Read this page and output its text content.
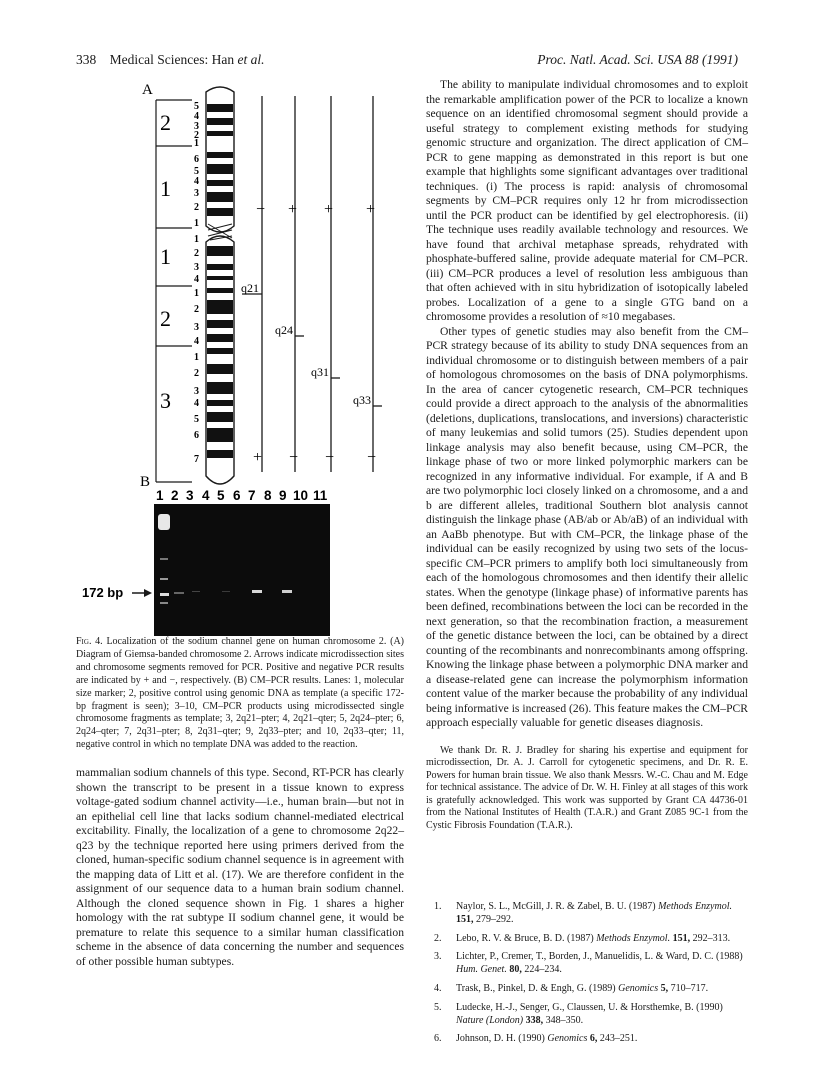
338 Medical Sciences: Han et al.	Proc. Natl. Acad. Sci. USA 88 (1991)
A
2
1
1
2
3
5
4
3
2
1
6
5
4
3
2
1
1
2
3
4
1
2
3
4
1
2
3
4
5
6
7
q21
q24
q31
q33
− + + +
+ − − −
B
1 2 3 4 5 6 7 8 9 10 11
172 bp
Fig. 4. Localization of the sodium channel gene on human chromosome 2. (A) Diagram of Giemsa-banded chromosome 2. Arrows indicate microdissection sites and chromosome segments removed for PCR. Positive and negative PCR results are indicated by + and −, respectively. (B) CM–PCR results. Lanes: 1, molecular size marker; 2, positive control using genomic DNA as template (a specific 172-bp fragment is seen); 3–10, CM–PCR products using microdissected single chromosome fragments as template; 3, 2q21–pter; 4, 2q21–qter; 5, 2q24–pter; 6, 2q24–qter; 7, 2q31–pter; 8, 2q31–qter; 9, 2q33–pter; and 10, 2q33–qter; 11, negative control in which no template DNA was added to the reaction.

mammalian sodium channels of this type. Second, RT-PCR has clearly shown the transcript to be present in a tissue known to express voltage-gated sodium channel activity—i.e., human brain—but not in an epithelial cell line that lacks sodium channel-mediated electrical excitability. Finally, the localization of a gene to chromosome 2q22–q23 by the technique reported here using primers derived from the cloned, human-specific sodium channel sequence is in agreement with the mapping data of Litt et al. (17). We are therefore confident in the assignment of our sequence data to a human brain sodium channel. Although the cloned sequence shown in Fig. 1 shares a higher homology with the rat subtype II sodium channel gene, it would be premature to relate this sequence to a similar human classification scheme in the absence of data concerning the number and sequences of other possible human subtypes.

The ability to manipulate individual chromosomes and to exploit the remarkable amplification power of the PCR to localize a known sequence on an identified chromosomal segment should provide a useful strategy to complement existing methods for studying genomic structure and organization. The direct application of CM–PCR to gene mapping as demonstrated in this report is but one example that highlights some significant advantages over traditional techniques. (i) The process is rapid: analysis of chromosomal segments by CM–PCR requires only 12 hr from microdissection until the PCR product can be identified by gel electrophoresis. (ii) The technique uses readily available technology and resources. We have found that archival metaphase spreads, rehydrated with phosphate-buffered saline, provide adequate material for CM–PCR. (iii) CM–PCR produces a level of resolution less ambiguous than that often achieved with in situ hybridization of isotopically labeled probes. Localization of a gene to a single GTG band on a chromosome provides a resolution of ≈10 megabases.

Other types of genetic studies may also benefit from the CM–PCR strategy because of its ability to study DNA sequences from an individual chromosome or to distinguish between members of a pair of homologous chromosomes on the basis of DNA polymorphisms. In the area of cancer cytogenetic research, CM–PCR techniques could provide a direct approach to the analysis of the abnormalities (deletions, duplications, translocations, and inversions) characteristic of many leukemias and solid tumors (25). Studies dependent upon linkage analysis may also benefit because, using CM–PCR, the linkage phase of two or more linked polymorphic markers can be recognized in any informative individual. For example, if A and B are two polymorphic loci closely linked on a chromosome, and a and b are different alleles, traditional Southern blot analysis cannot distinguish the linkage phase (AB/ab or Ab/aB) of an individual with an AaBb phenotype. But with CM–PCR, the linkage phase of the individual can be easily recognized by using two sets of the locus-specific CM–PCR primers to amplify both loci simultaneously from each of the homologous chromosomes and then identify their allelic states. When the genotype (linkage phase) of informative parents has been defined, recombinations between the loci can be recorded in the next generation, so that the recombination fraction, a measurement of the genetic distance between the loci, can be obtained by a direct counting of the recombinants and nonrecombinants among offspring. Knowing the linkage phase between a polymorphic DNA marker and a disease-related gene can increase the polymorphism information content value of the marker because the probability of any individual being informative is increased (26). This feature makes the CM–PCR approach especially valuable for genetic diseases diagnosis.

We thank Dr. R. J. Bradley for sharing his expertise and equipment for microdissection, Dr. A. J. Carroll for cytogenetic specimens, and Dr. R. E. Powers for human brain tissue. We also thank Messrs. W.-C. Chau and M. Edge for technical assistance. The advice of Dr. W. H. Finley at all stages of this work is gratefully acknowledged. This work was supported by Grant CA 44736-01 from the National Institutes of Health (T.A.R.) and Grant Z085 9C-1 from the Cystic Fibrosis Foundation (T.A.R.).

1. Naylor, S. L., McGill, J. R. & Zabel, B. U. (1987) Methods Enzymol. 151, 279–292.
2. Lebo, R. V. & Bruce, B. D. (1987) Methods Enzymol. 151, 292–313.
3. Lichter, P., Cremer, T., Borden, J., Manuelidis, L. & Ward, D. C. (1988) Hum. Genet. 80, 224–234.
4. Trask, B., Pinkel, D. & Engh, G. (1989) Genomics 5, 710–717.
5. Ludecke, H.-J., Senger, G., Claussen, U. & Horsthemke, B. (1990) Nature (London) 338, 348–350.
6. Johnson, D. H. (1990) Genomics 6, 243–251.
